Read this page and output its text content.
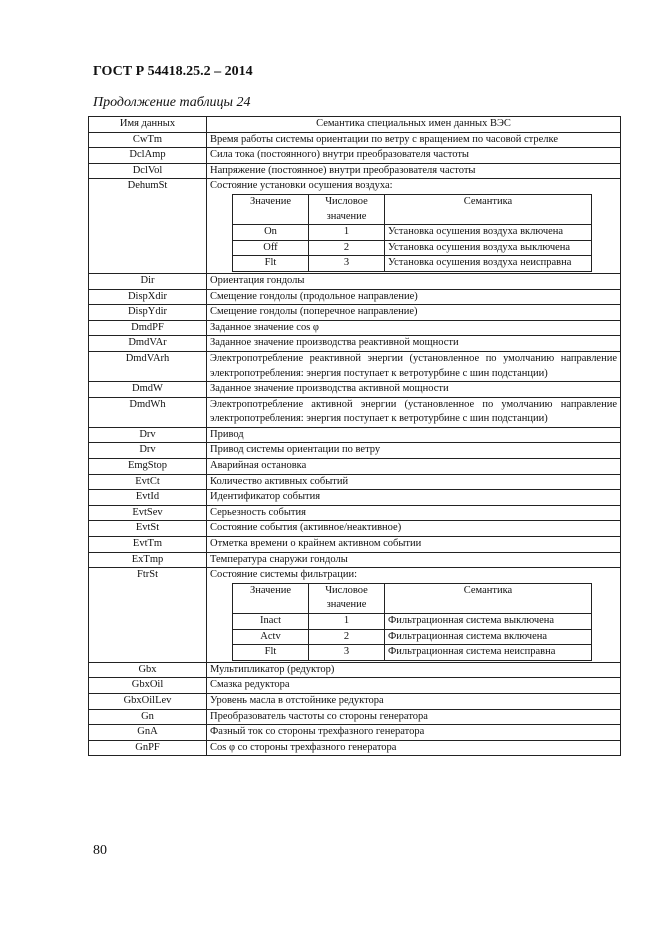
ГОСТ Р 54418.25.2 – 2014
Продолжение таблицы 24
Имя данных	Семантика специальных имен данных ВЭС
CwTm	Время работы системы ориентации по ветру с вращением по часовой стрелке
DclAmp	Сила тока (постоянного) внутри преобразователя частоты
DclVol	Напряжение (постоянное) внутри преобразователя частоты
DehumSt	Состояние установки осушения воздуха:
Значение	Числовое значение	Семантика
On	1	Установка осушения воздуха включена
Off	2	Установка осушения воздуха выключена
Flt	3	Установка осушения воздуха неисправна

Dir	Ориентация гондолы
DispXdir	Смещение гондолы (продольное направление)
DispYdir	Смещение гондолы (поперечное направление)
DmdPF	Заданное значение cos φ
DmdVAr	Заданное значение производства реактивной мощности
DmdVArh	Электропотребление реактивной энергии (установленное по умолчанию направление электропотребления: энергия поступает к ветротурбине с шин подстанции)
DmdW	Заданное значение производства активной мощности
DmdWh	Электропотребление активной энергии (установленное по умолчанию направление электропотребления: энергия поступает к ветротурбине с шин подстанции)
Drv	Привод
Drv	Привод системы ориентации по ветру
EmgStop	Аварийная остановка
EvtCt	Количество активных событий
EvtId	Идентификатор события
EvtSev	Серьезность события
EvtSt	Состояние события (активное/неактивное)
EvtTm	Отметка времени о крайнем активном событии
ExTmp	Температура снаружи гондолы
FtrSt	Состояние системы фильтрации:
Значение	Числовое значение	Семантика
Inact	1	Фильтрационная система выключена
Actv	2	Фильтрационная система включена
Flt	3	Фильтрационная система неисправна

Gbx	Мультипликатор (редуктор)
GbxOil	Смазка редуктора
GbxOilLev	Уровень масла в отстойнике редуктора
Gn	Преобразователь частоты со стороны генератора
GnA	Фазный ток со стороны трехфазного генератора
GnPF	Cos φ со стороны трехфазного генератора
80
